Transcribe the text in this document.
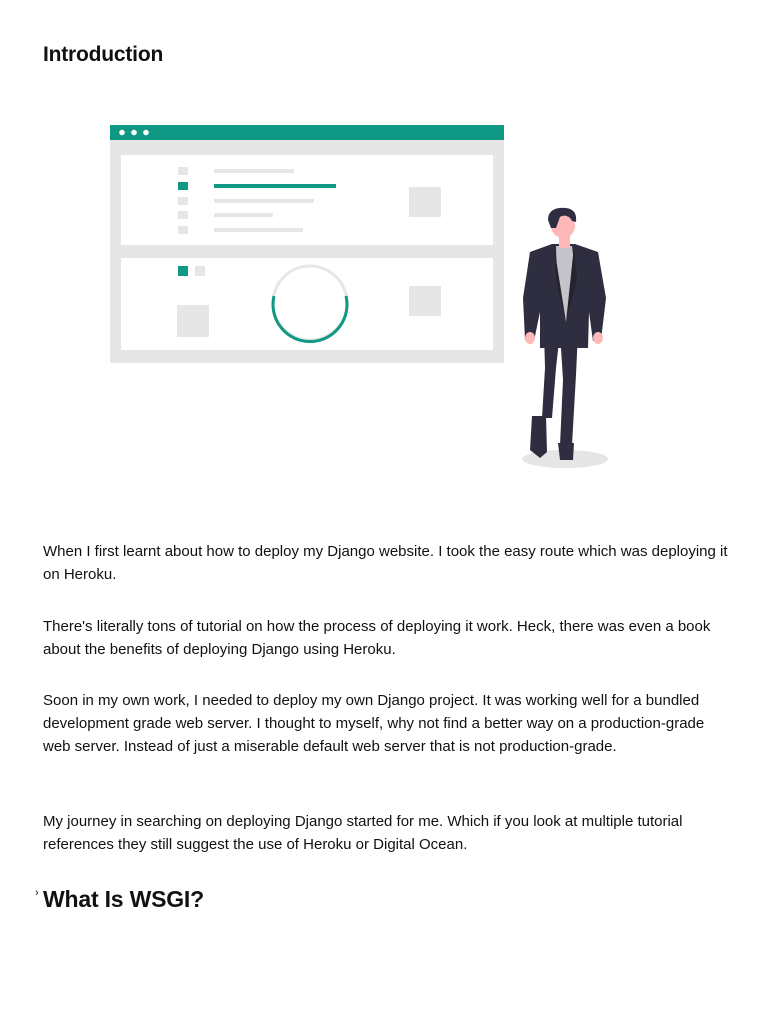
Introduction

When I first learnt about how to deploy my Django website. I took the easy route which was deploying it on Heroku.

There's literally tons of tutorial on how the process of deploying it work. Heck, there was even a book about the benefits of deploying Django using Heroku.

Soon in my own work, I needed to deploy my own Django project. It was working well for a bundled development grade web server. I thought to myself, why not find a better way on a production-grade web server. Instead of just a miserable default web server that is not production-grade.

My journey in searching on deploying Django started for me. Which if you look at multiple tutorial references they still suggest the use of Heroku or Digital Ocean.

› What Is WSGI?
